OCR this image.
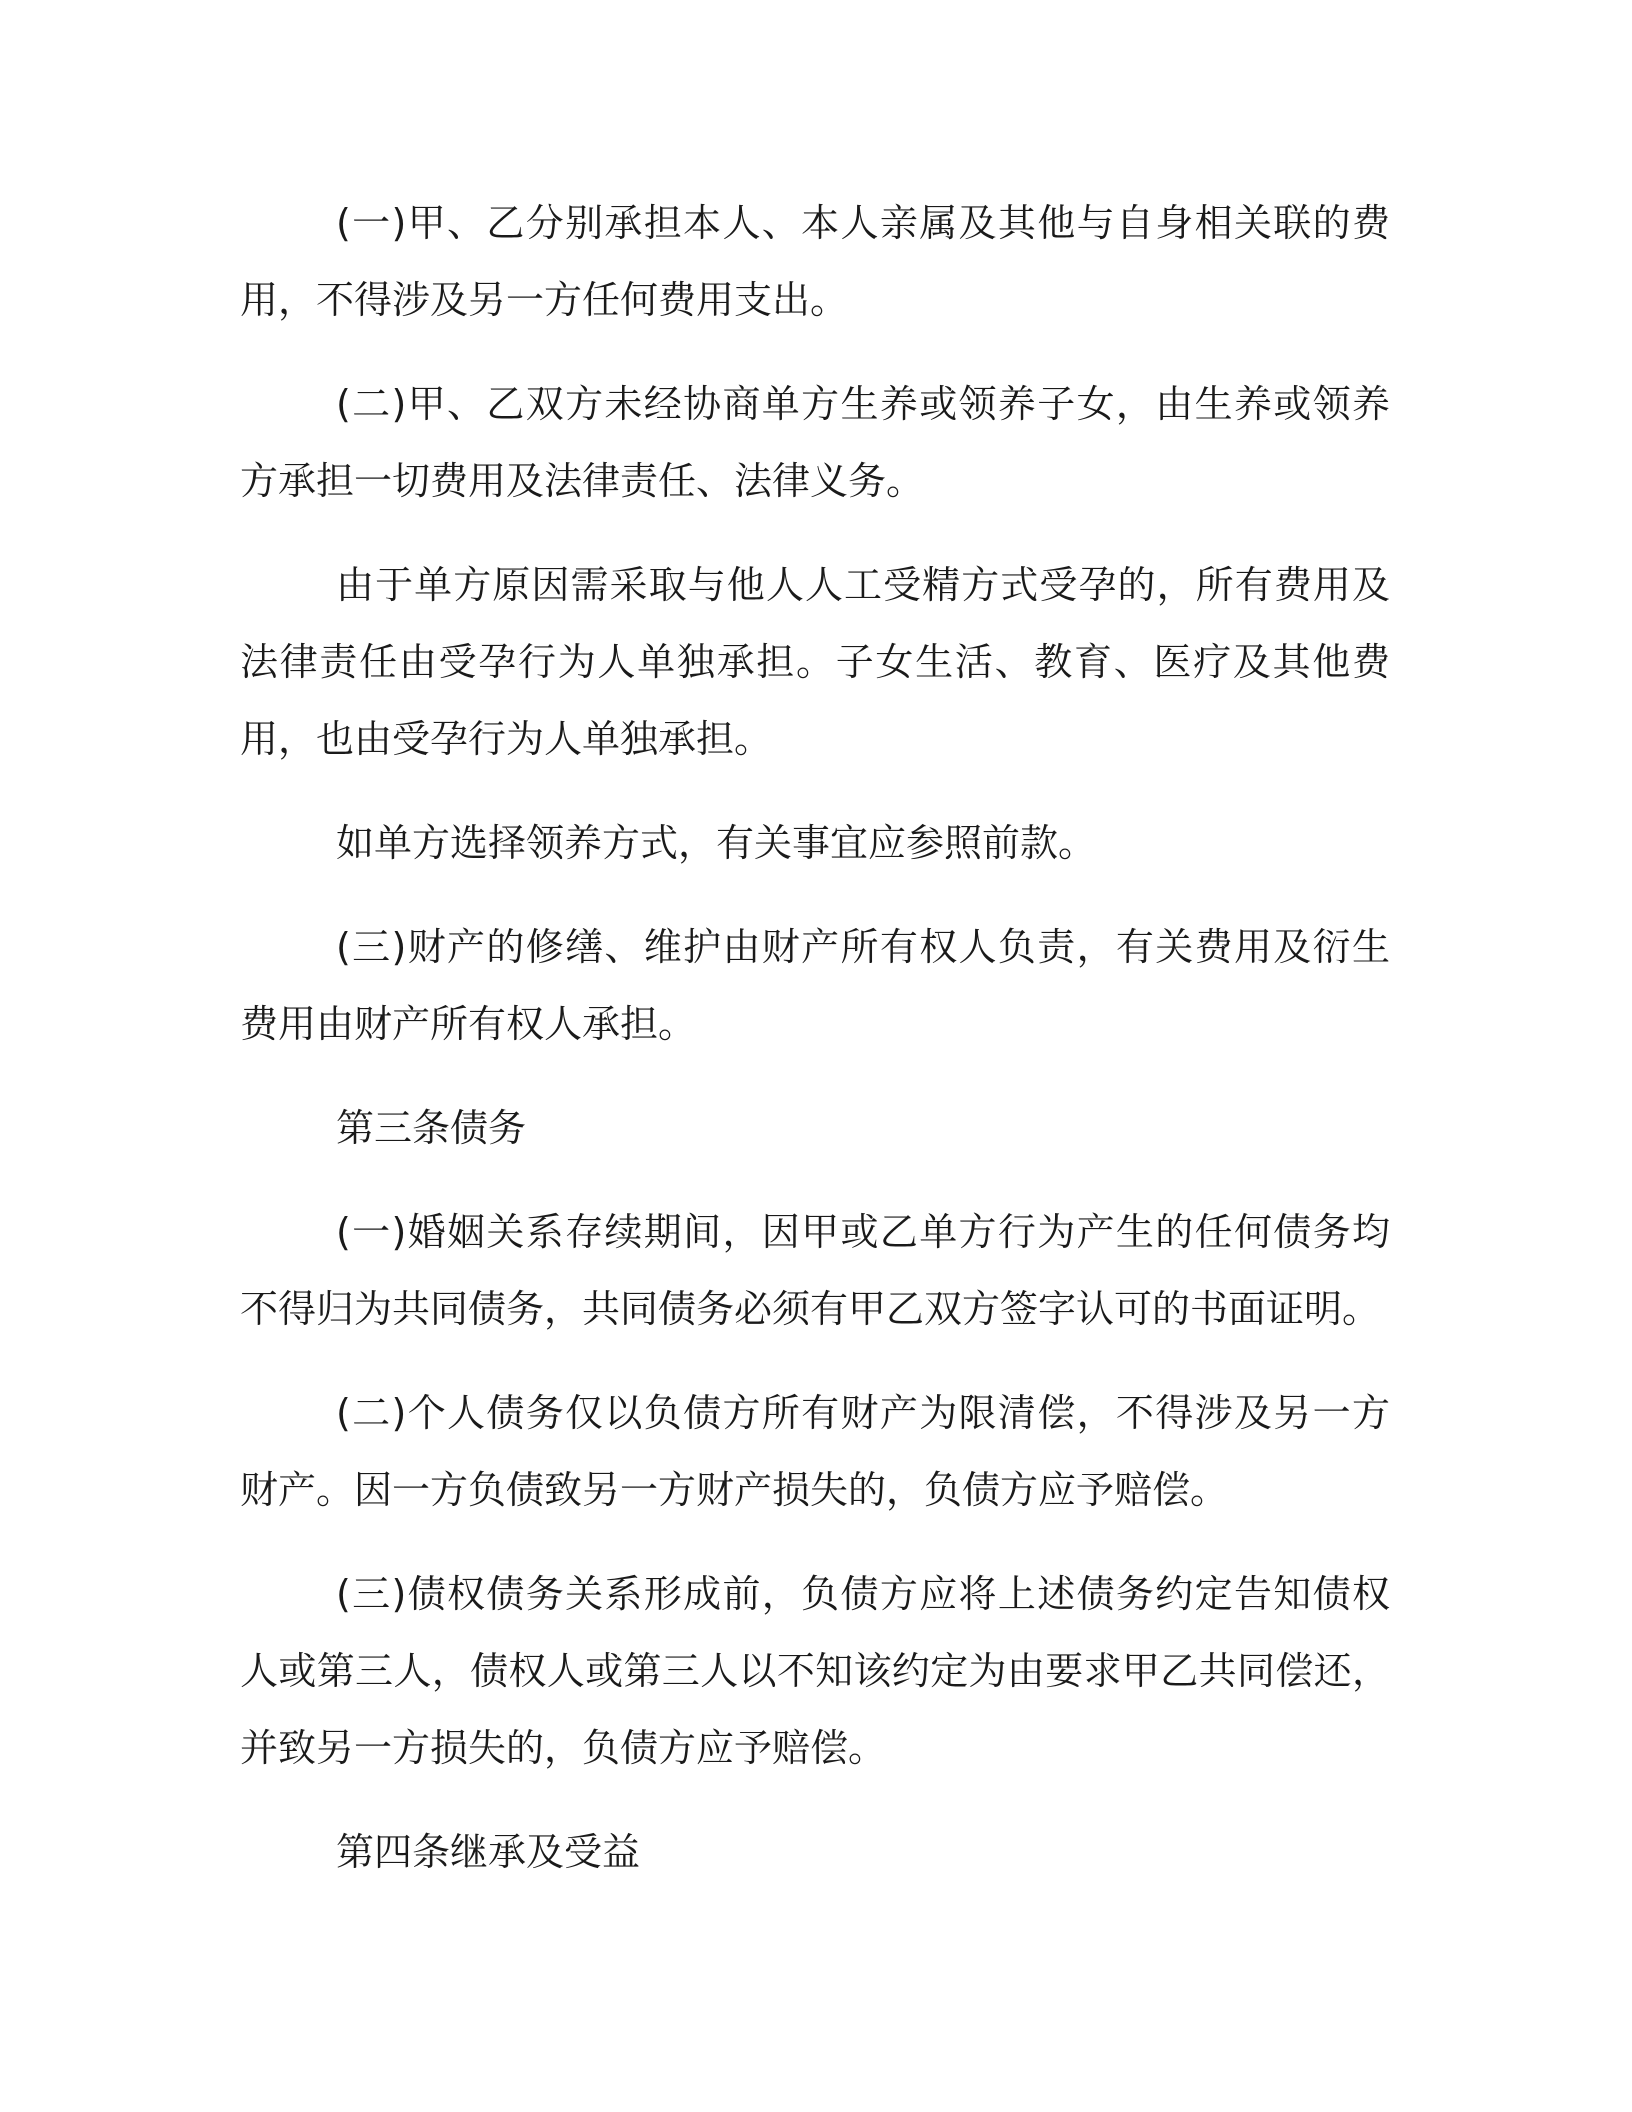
(一)甲、乙分别承担本人、本人亲属及其他与自身相关联的费用，不得涉及另一方任何费用支出。

(二)甲、乙双方未经协商单方生养或领养子女，由生养或领养方承担一切费用及法律责任、法律义务。

由于单方原因需采取与他人人工受精方式受孕的，所有费用及法律责任由受孕行为人单独承担。子女生活、教育、医疗及其他费用，也由受孕行为人单独承担。

如单方选择领养方式，有关事宜应参照前款。

(三)财产的修缮、维护由财产所有权人负责，有关费用及衍生费用由财产所有权人承担。

第三条债务

(一)婚姻关系存续期间，因甲或乙单方行为产生的任何债务均不得归为共同债务，共同债务必须有甲乙双方签字认可的书面证明。

(二)个人债务仅以负债方所有财产为限清偿，不得涉及另一方财产。因一方负债致另一方财产损失的，负债方应予赔偿。

(三)债权债务关系形成前，负债方应将上述债务约定告知债权人或第三人，债权人或第三人以不知该约定为由要求甲乙共同偿还，并致另一方损失的，负债方应予赔偿。

第四条继承及受益
